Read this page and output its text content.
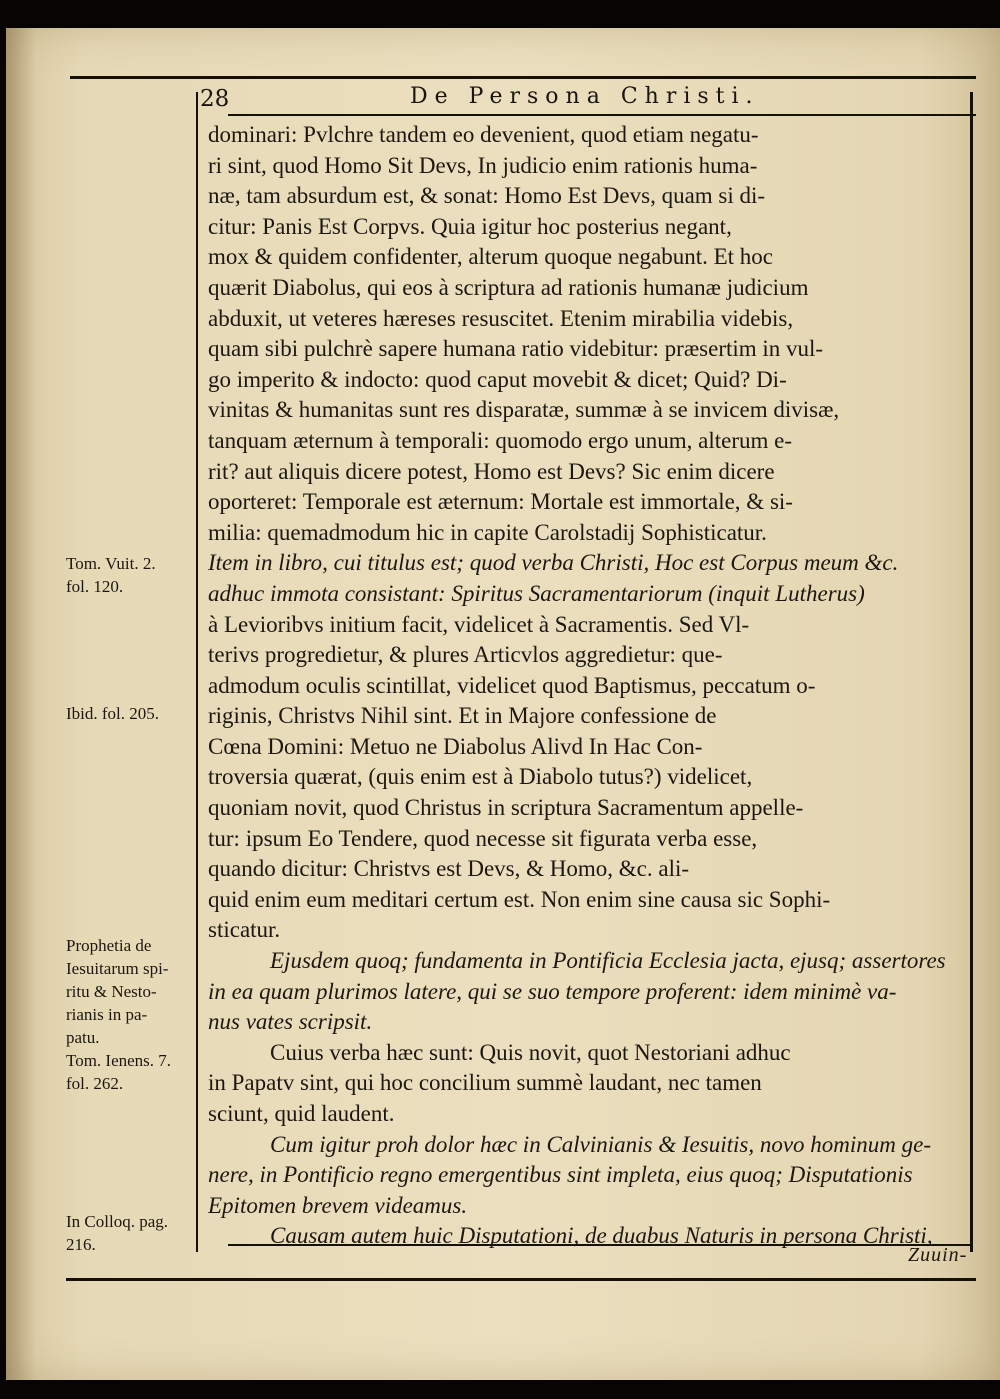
28	De Persona Christi.
dominari: Pvlchre tandem eo devenient, quod etiam negatu-
ri sint, quod Homo Sit Devs, In judicio enim rationis huma-
næ, tam absurdum est, & sonat: Homo Est Devs, quam si di-
citur: Panis Est Corpvs. Quia igitur hoc posterius negant,
mox & quidem confidenter, alterum quoque negabunt. Et hoc
quærit Diabolus, qui eos à scriptura ad rationis humanæ judicium
abduxit, ut veteres hæreses resuscitet. Etenim mirabilia videbis,
quam sibi pulchrè sapere humana ratio videbitur: præsertim in vul-
go imperito & indocto: quod caput movebit & dicet; Quid? Di-
vinitas & humanitas sunt res disparatæ, summæ à se invicem divisæ,
tanquam æternum à temporali: quomodo ergo unum, alterum e-
rit? aut aliquis dicere potest, Homo est Devs? Sic enim dicere
oporteret: Temporale est æternum: Mortale est immortale, & si-
milia: quemadmodum hic in capite Carolstadij Sophisticatur.
Item in libro, cui titulus est; quod verba Christi, Hoc est Corpus meum &c.
adhuc immota consistant: Spiritus Sacramentariorum (inquit Lutherus)
à Levioribvs initium facit, videlicet à Sacramentis. Sed Vl-
terivs progredietur, & plures Articvlos aggredietur: que-
admodum oculis scintillat, videlicet quod Baptismus, peccatum o-
riginis, Christvs Nihil sint. Et in Majore confessione de
Cœna Domini: Metuo ne Diabolus Alivd In Hac Con-
troversia quærat, (quis enim est à Diabolo tutus?) videlicet,
quoniam novit, quod Christus in scriptura Sacramentum appelle-
tur: ipsum Eo Tendere, quod necesse sit figurata verba esse,
quando dicitur: Christvs est Devs, & Homo, &c. ali-
quid enim eum meditari certum est. Non enim sine causa sic Sophi-
sticatur.
Ejusdem quoq; fundamenta in Pontificia Ecclesia jacta, ejusq; assertores
in ea quam plurimos latere, qui se suo tempore proferent: idem minimè va-
nus vates scripsit.
Cuius verba hæc sunt: Quis novit, quot Nestoriani adhuc
in Papatv sint, qui hoc concilium summè laudant, nec tamen
sciunt, quid laudent.
Cum igitur proh dolor hæc in Calvinianis & Iesuitis, novo hominum ge-
nere, in Pontificio regno emergentibus sint impleta, eius quoq; Disputationis
Epitomen brevem videamus.
Causam autem huic Disputationi, de duabus Naturis in persona Christi,
Tom. Vuit. 2.
fol. 120.
Ibid. fol. 205.
Prophetia de
Iesuitarum spi-
ritu & Nesto-
rianis in pa-
patu.
Tom. Ienens. 7.
fol. 262.
In Colloq. pag.
216.	Zuuin-
